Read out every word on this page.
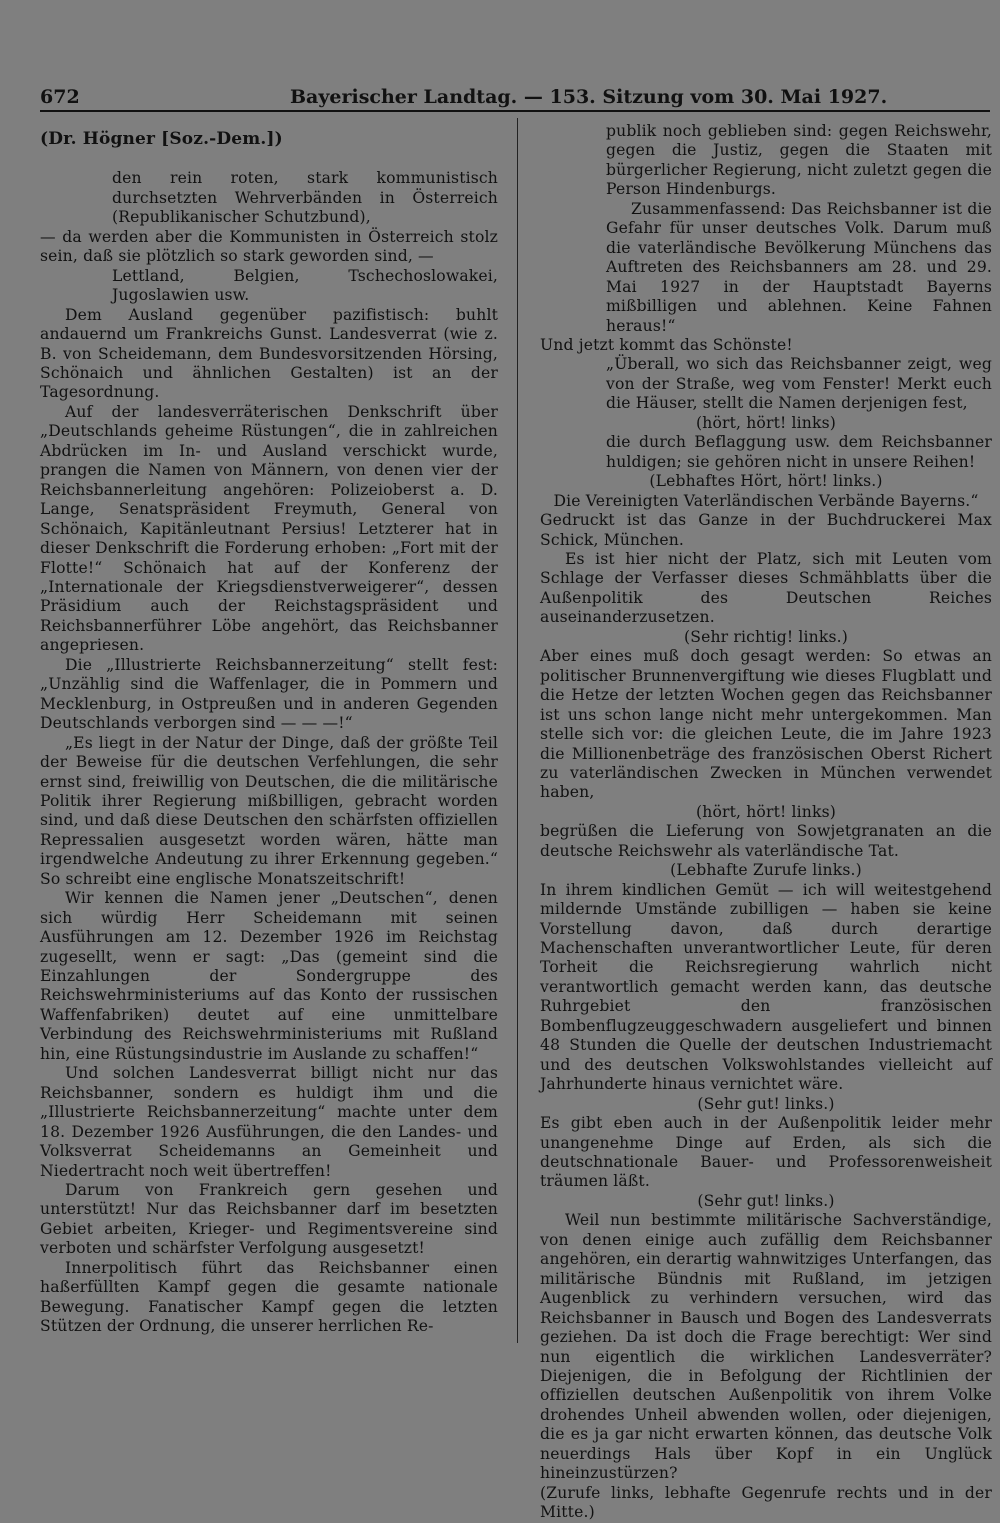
672	Bayerischer Landtag. — 153. Sitzung vom 30. Mai 1927.

(Dr. Högner [Soz.-Dem.])

den rein roten, stark kommunistisch durchsetzten Wehrverbänden in Österreich (Republikanischer Schutzbund),

— da werden aber die Kommunisten in Österreich stolz sein, daß sie plötzlich so stark geworden sind, —

Lettland, Belgien, Tschechoslowakei, Jugoslawien usw.

Dem Ausland gegenüber pazifistisch: buhlt andauernd um Frankreichs Gunst. Landesverrat (wie z. B. von Scheidemann, dem Bundesvorsitzenden Hörsing, Schönaich und ähnlichen Gestalten) ist an der Tagesordnung.

Auf der landesverräterischen Denkschrift über „Deutschlands geheime Rüstungen“, die in zahlreichen Abdrücken im In- und Ausland verschickt wurde, prangen die Namen von Männern, von denen vier der Reichsbannerleitung angehören: Polizeioberst a. D. Lange, Senatspräsident Freymuth, General von Schönaich, Kapitänleutnant Persius! Letzterer hat in dieser Denkschrift die Forderung erhoben: „Fort mit der Flotte!“ Schönaich hat auf der Konferenz der „Internationale der Kriegsdienstverweigerer“, dessen Präsidium auch der Reichstagspräsident und Reichsbannerführer Löbe angehört, das Reichsbanner angepriesen.

Die „Illustrierte Reichsbannerzeitung“ stellt fest: „Unzählig sind die Waffenlager, die in Pommern und Mecklenburg, in Ostpreußen und in anderen Gegenden Deutschlands verborgen sind — — —!“

„Es liegt in der Natur der Dinge, daß der größte Teil der Beweise für die deutschen Verfehlungen, die sehr ernst sind, freiwillig von Deutschen, die die militärische Politik ihrer Regierung mißbilligen, gebracht worden sind, und daß diese Deutschen den schärfsten offiziellen Repressalien ausgesetzt worden wären, hätte man irgendwelche Andeutung zu ihrer Erkennung gegeben.“ So schreibt eine englische Monatszeitschrift!

Wir kennen die Namen jener „Deutschen“, denen sich würdig Herr Scheidemann mit seinen Ausführungen am 12. Dezember 1926 im Reichstag zugesellt, wenn er sagt: „Das (gemeint sind die Einzahlungen der Sondergruppe des Reichswehrministeriums auf das Konto der russischen Waffenfabriken) deutet auf eine unmittelbare Verbindung des Reichswehrministeriums mit Rußland hin, eine Rüstungsindustrie im Auslande zu schaffen!“

Und solchen Landesverrat billigt nicht nur das Reichsbanner, sondern es huldigt ihm und die „Illustrierte Reichsbannerzeitung“ machte unter dem 18. Dezember 1926 Ausführungen, die den Landes- und Volksverrat Scheidemanns an Gemeinheit und Niedertracht noch weit übertreffen!

Darum von Frankreich gern gesehen und unterstützt! Nur das Reichsbanner darf im besetzten Gebiet arbeiten, Krieger- und Regimentsvereine sind verboten und schärfster Verfolgung ausgesetzt!

Innerpolitisch führt das Reichsbanner einen haßerfüllten Kampf gegen die gesamte nationale Bewegung. Fanatischer Kampf gegen die letzten Stützen der Ordnung, die unserer herrlichen Re-

publik noch geblieben sind: gegen Reichswehr, gegen die Justiz, gegen die Staaten mit bürgerlicher Regierung, nicht zuletzt gegen die Person Hindenburgs.

Zusammenfassend: Das Reichsbanner ist die Gefahr für unser deutsches Volk. Darum muß die vaterländische Bevölkerung Münchens das Auftreten des Reichsbanners am 28. und 29. Mai 1927 in der Hauptstadt Bayerns mißbilligen und ablehnen. Keine Fahnen heraus!“

Und jetzt kommt das Schönste!

„Überall, wo sich das Reichsbanner zeigt, weg von der Straße, weg vom Fenster! Merkt euch die Häuser, stellt die Namen derjenigen fest,

(hört, hört! links)

die durch Beflaggung usw. dem Reichsbanner huldigen; sie gehören nicht in unsere Reihen!

(Lebhaftes Hört, hört! links.)

Die Vereinigten Vaterländischen Verbände Bayerns.“

Gedruckt ist das Ganze in der Buchdruckerei Max Schick, München.

Es ist hier nicht der Platz, sich mit Leuten vom Schlage der Verfasser dieses Schmähblatts über die Außenpolitik des Deutschen Reiches auseinanderzusetzen.

(Sehr richtig! links.)

Aber eines muß doch gesagt werden: So etwas an politischer Brunnenvergiftung wie dieses Flugblatt und die Hetze der letzten Wochen gegen das Reichsbanner ist uns schon lange nicht mehr untergekommen. Man stelle sich vor: die gleichen Leute, die im Jahre 1923 die Millionenbeträge des französischen Oberst Richert zu vaterländischen Zwecken in München verwendet haben,

(hört, hört! links)

begrüßen die Lieferung von Sowjetgranaten an die deutsche Reichswehr als vaterländische Tat.

(Lebhafte Zurufe links.)

In ihrem kindlichen Gemüt — ich will weitestgehend mildernde Umstände zubilligen — haben sie keine Vorstellung davon, daß durch derartige Machenschaften unverantwortlicher Leute, für deren Torheit die Reichsregierung wahrlich nicht verantwortlich gemacht werden kann, das deutsche Ruhrgebiet den französischen Bombenflugzeuggeschwadern ausgeliefert und binnen 48 Stunden die Quelle der deutschen Industriemacht und des deutschen Volkswohlstandes vielleicht auf Jahrhunderte hinaus vernichtet wäre.

(Sehr gut! links.)

Es gibt eben auch in der Außenpolitik leider mehr unangenehme Dinge auf Erden, als sich die deutschnationale Bauer- und Professorenweisheit träumen läßt.

(Sehr gut! links.)

Weil nun bestimmte militärische Sachverständige, von denen einige auch zufällig dem Reichsbanner angehören, ein derartig wahnwitziges Unterfangen, das militärische Bündnis mit Rußland, im jetzigen Augenblick zu verhindern versuchen, wird das Reichsbanner in Bausch und Bogen des Landesverrats geziehen. Da ist doch die Frage berechtigt: Wer sind nun eigentlich die wirklichen Landesverräter? Diejenigen, die in Befolgung der Richtlinien der offiziellen deutschen Außenpolitik von ihrem Volke drohendes Unheil abwenden wollen, oder diejenigen, die es ja gar nicht erwarten können, das deutsche Volk neuerdings Hals über Kopf in ein Unglück hineinzustürzen?

(Zurufe links, lebhafte Gegenrufe rechts und in der Mitte.)
